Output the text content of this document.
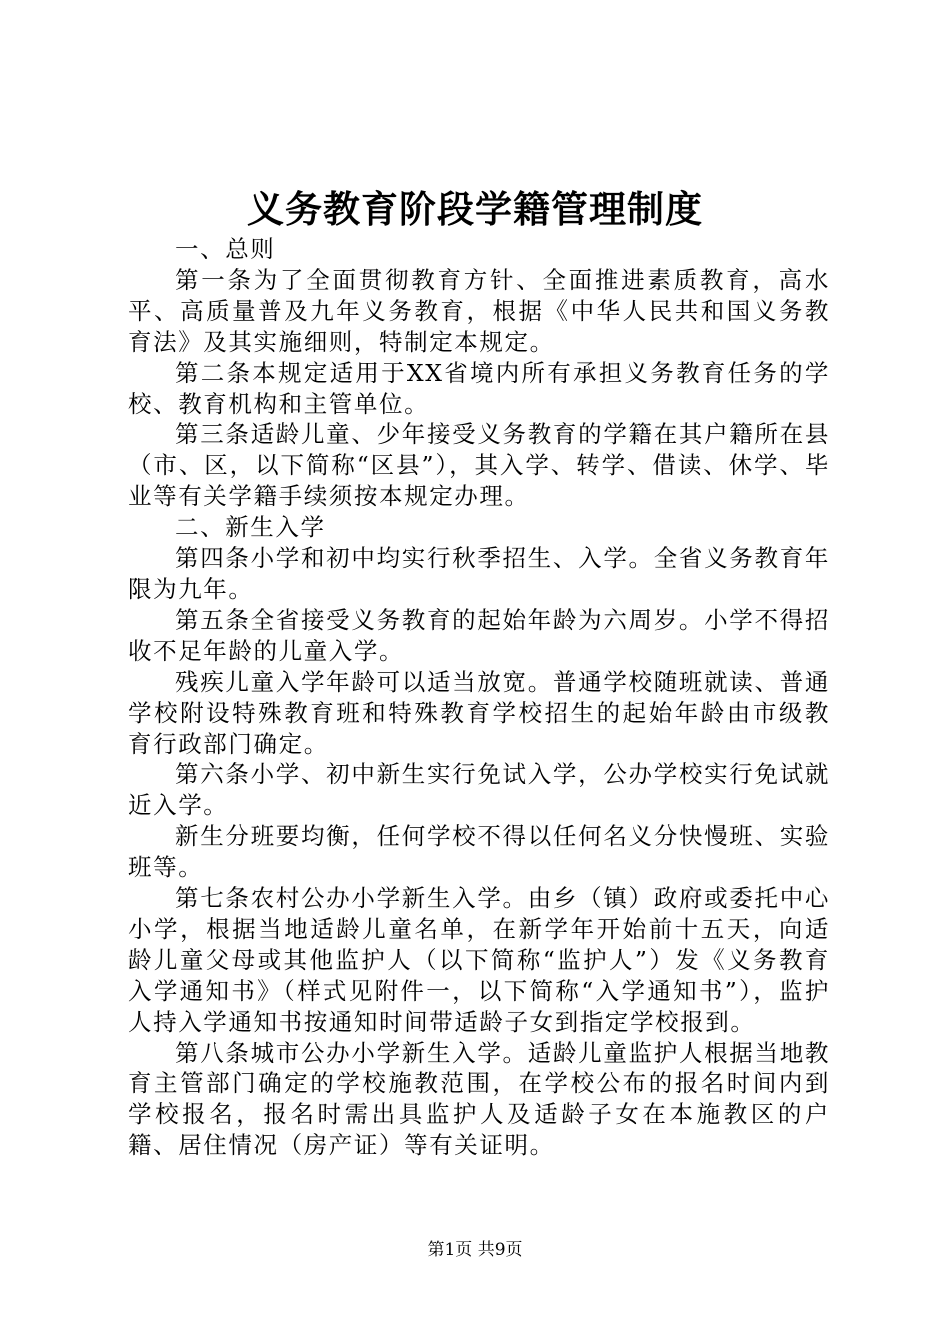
义务教育阶段学籍管理制度

一、总则

第一条为了全面贯彻教育方针、全面推进素质教育，高水平、高质量普及九年义务教育，根据《中华人民共和国义务教育法》及其实施细则，特制定本规定。

第二条本规定适用于XX省境内所有承担义务教育任务的学校、教育机构和主管单位。

第三条适龄儿童、少年接受义务教育的学籍在其户籍所在县（市、区，以下简称“区县”），其入学、转学、借读、休学、毕业等有关学籍手续须按本规定办理。

二、新生入学

第四条小学和初中均实行秋季招生、入学。全省义务教育年限为九年。

第五条全省接受义务教育的起始年龄为六周岁。小学不得招收不足年龄的儿童入学。

残疾儿童入学年龄可以适当放宽。普通学校随班就读、普通学校附设特殊教育班和特殊教育学校招生的起始年龄由市级教育行政部门确定。

第六条小学、初中新生实行免试入学，公办学校实行免试就近入学。

新生分班要均衡，任何学校不得以任何名义分快慢班、实验班等。

第七条农村公办小学新生入学。由乡（镇）政府或委托中心小学，根据当地适龄儿童名单，在新学年开始前十五天，向适龄儿童父母或其他监护人（以下简称“监护人”）发《义务教育入学通知书》（样式见附件一，以下简称“入学通知书”），监护人持入学通知书按通知时间带适龄子女到指定学校报到。

第八条城市公办小学新生入学。适龄儿童监护人根据当地教育主管部门确定的学校施教范围，在学校公布的报名时间内到学校报名，报名时需出具监护人及适龄子女在本施教区的户籍、居住情况（房产证）等有关证明。

第1页 共9页
